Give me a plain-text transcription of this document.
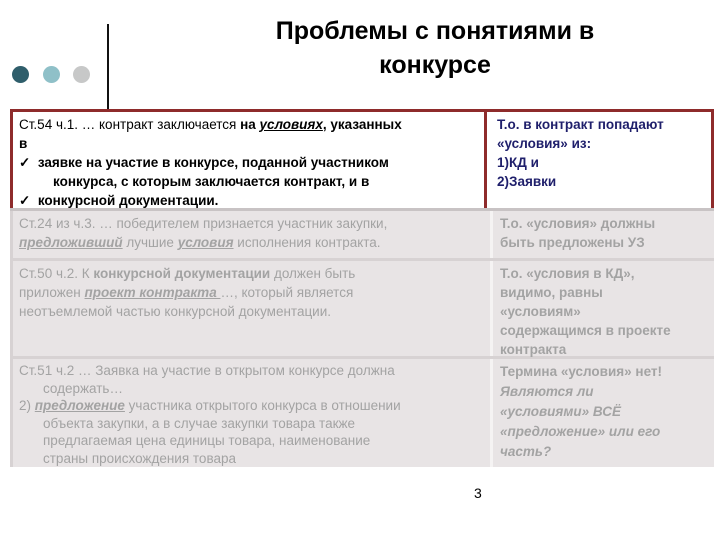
Проблемы с понятиями в
конкурсе
Ст.54 ч.1. … контракт заключается на условиях, указанных
в
✓ заявке на участие в конкурсе, поданной участником
конкурса, с которым заключается контракт, и в
✓ конкурсной документации.
Т.о. в контракт попадают
«условия» из:
1)КД и
2)Заявки
Ст.24 из ч.3. … победителем признается участник закупки,
предложивший лучшие условия исполнения контракта.
Т.о. «условия» должны
быть предложены УЗ
Ст.50 ч.2. К конкурсной документации должен быть
приложен проект контракта …, который является
неотъемлемой частью конкурсной документации.
Т.о. «условия в КД»,
видимо, равны
«условиям»
содержащимся в проекте
контракта
Ст.51 ч.2 … Заявка на участие в открытом конкурсе должна
содержать…
2) предложение участника открытого конкурса в отношении
объекта закупки, а в случае закупки товара также
предлагаемая цена единицы товара, наименование
страны происхождения товара
Термина «условия» нет!
Являются ли
«условиями» ВСЁ
«предложение» или его
часть?
3
